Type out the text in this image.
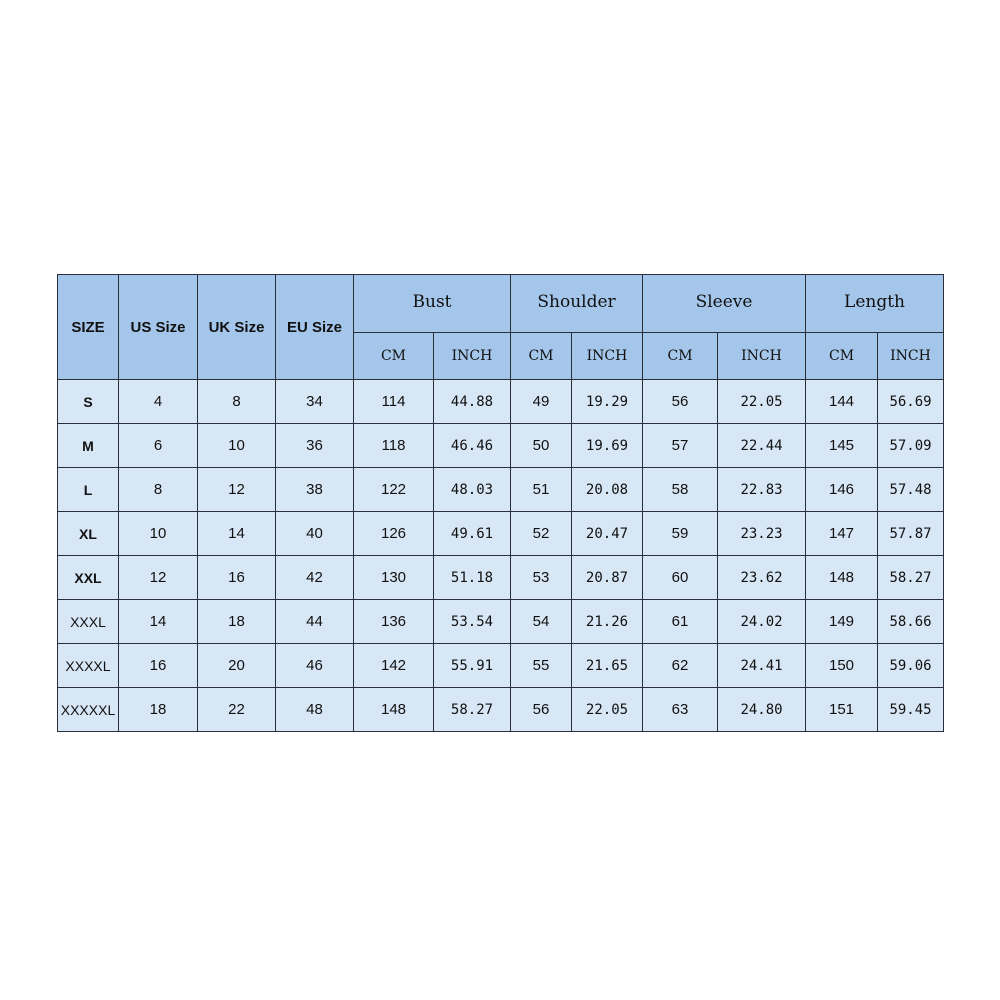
SIZE	US Size	UK Size	EU Size	Bust		Shoulder		Sleeve		Length	
				CM	INCH	CM	INCH	CM	INCH	CM	INCH
S	4	8	34	114	44.88	49	19.29	56	22.05	144	56.69
M	6	10	36	118	46.46	50	19.69	57	22.44	145	57.09
L	8	12	38	122	48.03	51	20.08	58	22.83	146	57.48
XL	10	14	40	126	49.61	52	20.47	59	23.23	147	57.87
XXL	12	16	42	130	51.18	53	20.87	60	23.62	148	58.27
XXXL	14	18	44	136	53.54	54	21.26	61	24.02	149	58.66
XXXXL	16	20	46	142	55.91	55	21.65	62	24.41	150	59.06
XXXXXL	18	22	48	148	58.27	56	22.05	63	24.80	151	59.45
